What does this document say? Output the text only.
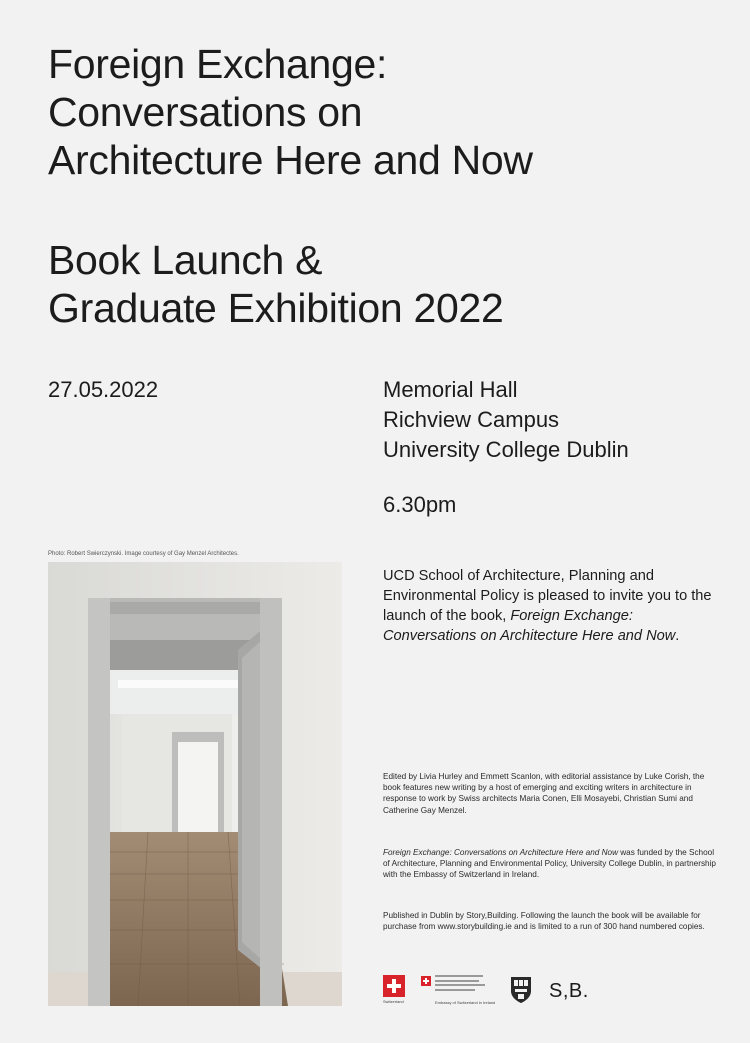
Foreign Exchange:
Conversations on
Architecture Here and Now
Book Launch &
Graduate Exhibition 2022
27.05.2022	Memorial Hall
Richview Campus
University College Dublin
6.30pm
Photo: Robert Swierczynski. Image courtesy of Gay Menzel Architectes.
UCD School of Architecture, Planning and Environmental Policy is pleased to invite you to the launch of the book, Foreign Exchange: Conversations on Architecture Here and Now.
Edited by Livia Hurley and Emmett Scanlon, with editorial assistance by Luke Corish, the book features new writing by a host of emerging and exciting writers in architecture in response to work by Swiss architects Maria Conen, Elli Mosayebi, Christian Sumi and Catherine Gay Menzel.
Foreign Exchange: Conversations on Architecture Here and Now was funded by the School of Architecture, Planning and Environmental Policy, University College Dublin, in partnership with the Embassy of Switzerland in Ireland.
Published in Dublin by Story,Building. Following the launch the book will be available for purchase from www.storybuilding.ie and is limited to a run of 300 hand numbered copies.
Switzerland	Embassy of Switzerland in Ireland
S,B.
